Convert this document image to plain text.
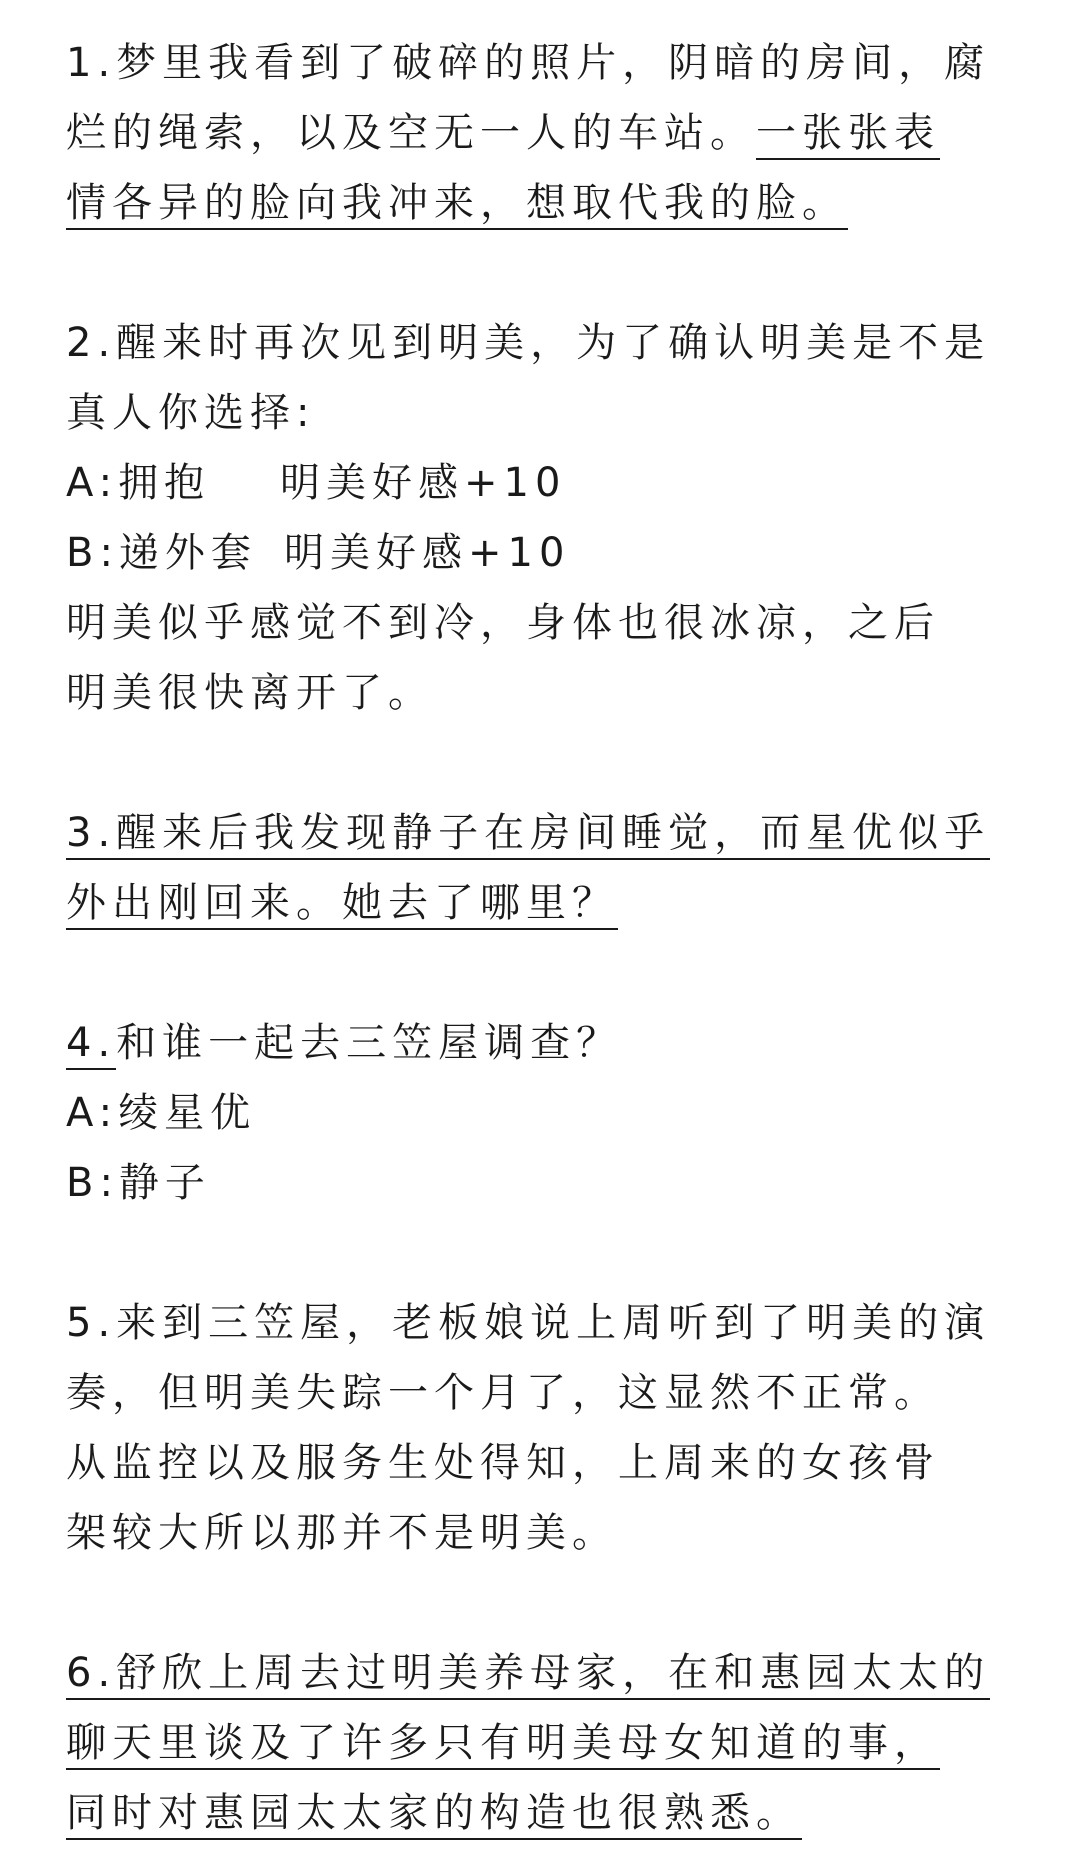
1.梦里我看到了破碎的照片，阴暗的房间，腐
烂的绳索，以及空无一人的车站。一张张表
情各异的脸向我冲来，想取代我的脸。
2.醒来时再次见到明美，为了确认明美是不是
真人你选择:
A:拥抱 明美好感+10
B:递外套 明美好感+10
明美似乎感觉不到冷，身体也很冰凉，之后
明美很快离开了。
3.醒来后我发现静子在房间睡觉，而星优似乎
外出刚回来。她去了哪里？
4.和谁一起去三笠屋调查？
A:绫星优
B:静子
5.来到三笠屋，老板娘说上周听到了明美的演
奏，但明美失踪一个月了，这显然不正常。
从监控以及服务生处得知，上周来的女孩骨
架较大所以那并不是明美。
6.舒欣上周去过明美养母家，在和惠园太太的
聊天里谈及了许多只有明美母女知道的事，
同时对惠园太太家的构造也很熟悉。
